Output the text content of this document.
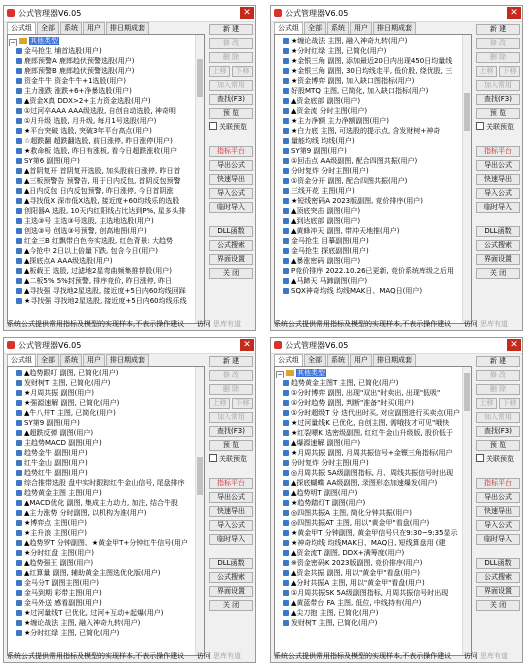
公式管理器V6.05	✕
公式组 全部 系统 用户 排日期成套
− 其他类型
金马抢生 埔首选股(用户)
鹿郎预警A 鹿郎趋伏预警选股(用户)
鹿郎预警B 鹿郎趋伏预警选股(用户)
资金牛牛 资金牛牛+1选股(用户)
主力涨跌 涨跌+6+净暴选股(用户)
▲资金X真 DDX>2+主力资金选股(用户)
①过河卒AAA AAA级选股, 自创自动选股, 神奇明
①月升级 选股, 月升级, 每月1号选股(用户)
★平台突破 选股, 突破3年平台高点(用户)
☆超跌翻 超跌翻选股, 前日涨停, 昨日涨停(用户)
★救命板 选股, 昨日有涨板, 看今日超跌涨收(用户
SY第6 副图(用户)
▲首阴复开 首阴复开选股, 加头股前日涨停, 昨日首
▲三板预警告 预警告, 用于日内反包, 首阴反包预警
▲日内反包 日内反包预警, 昨日涨停, 今日首阴涨
▲寻找低X 深市低X选股, 接近度+60均线乐的选股
创阳器A 选股, 10天内红阳线占比达到P%, 星多头排
主选③号 主选③号选股, 主选地选股(用户)
创选③号 创选③号预警, 创高地图(用户)
红金三B 红飘带白色夯实选股, 红色背景: 大趋势
▲今抢中 2日以上倍量下跌, 包含今日(用户)
▲探底点A AAA级选股(用户)
▲板载王 选股, 过滤地2星弯曲频集推荐股(用户)
▲二板5% 5%封预警, 排序竞价, 昨日涨停, 昨日
▲寻找强 寻找地2星选股, 接近度+5日内60均线回踩
★寻找强 寻找地2星选股, 接近度+5日内60均线乐线
新 建
修 改
删 除
上移 下移
加入常用
查找(F3)
预 览
关联预览
指标平台
导出公式
快速导出
导入公式
临时导入
DLL函数
公式搜索
界面设置
关 闭
系统公式提供常用指标及模型的实现样本,不表示操作建议 访问 思库有道
公式管理器V6.05	✕
公式组 全部 系统 用户 排日期成套
★缠论战法 主图, 融入神奇九转(用户)
★分时红绿 主图, 已简化(用户)
★金银三角 副图, 添加最近20日内出现450日均量线
★金银三角 副图, 30日均线走平, 低价股, 绕优股, 三
★资金博弈 副图, 加入缺口图指标(用户)
好股MTQ 主图, 已简化, 加入缺口指标(用户)
▲资金底部 副图(用户)
▲资金流 分时主图(用户)
★主力净额 主力净额副图(用户)
★白力底 主图, 可选股的提示点, 含发财树+神奇
量能均线 均线(用户)
SY第9 副图(用户)
①回击点 AA级副图, 配合四图共振(用户)
分时复炸 分时主图(用户)
①资金分开 副图, 配合四图共振(用户)
三线开花 主图(用户)
★短线密码A 2023版副图, 竞价排序(用户)
▲顶底突击 副图(用户)
▲到达底部 副图(用户)
▲黄蜂冲天 副图, 带冲天地推(用户)
金马抢生 目摹副图(用户)
金马抢生 探底副图(用户)
▲暴涨密码 副图(用户)
P竞价排序 2022.10.26已更新, 竞价系统库级之后用
▲马蹄天 马蹄副图(用户)
SQX神奇均线 均线MAK日、MAQ日(用户)
新 建
修 改
删 除
上移 下移
加入常用
查找(F3)
预 览
关联预览
指标平台
导出公式
快速导出
导入公式
临时导入
DLL函数
公式搜索
界面设置
关 闭
系统公式提供常用指标及模型的实现样本,不表示操作建议 访问 思库有道
公式管理器V6.05	✕
公式组 全部 系统 用户 排日期成套
▲趋势跟叮 副图, 已简化(用户)
发财树T 主图, 已简化(用户)
★月周共振 副图(用户)
★强源速解 副图, 已简化(用户)
▲牛八井T 主图, 已简化(用户)
SY第9 副图(用户)
▲超跌反弹 副图(用户)
主趋势MACD 副图(用户)
趋势金牛 副图(用户)
红牛金山 副图(用户)
趋势红牛 副图(用户)
综合推带选股 盘中实时跟踪红牛金山信号, 尾盘排序
趋势黄金主图 主图(用户)
▲MACD优化 副图, 集成主力动力, 加注, 结合牛股
▲主力涨势 分时副图, 以机构为准(用户)
★博弈点 主图(用户)
★主升浪 主图(用户)
▲趋势罗T 分钟副图、★黄金甲T+分钟红牛信号(用户
★分时红盘 主图(用户)
▲趋势强王 副图(用户)
▲红算量 副图, 辅助黄金主图选优化版(用户)
金马分T 副图主图(用户)
金马到期 彩带主图(用户)
金马外送 感看副图(用户)
★过河量线T 已优化, 过河+互动+起爆(用户)
★缠论战法 主图, 融入神奇九转(用户)
★分时红绿 主图, 已简化(用户)
新 建
修 改
删 除
上移 下移
加入常用
查找(F3)
预 览
关联预览
指标平台
导出公式
快速导出
导入公式
临时导入
DLL函数
公式搜索
界面设置
关 闭
系统公式提供常用指标及模型的实现样本,不表示操作建议 访问 思库有道
公式管理器V6.05	✕
公式组 全部 系统 用户 排日期成套
− 其他类型
趋势黄金主图T 主图, 已简化(用户)
①分时博弈 副图, 出现"双出"时卖出, 出现"低吸"
①分时趋势 副图, 判断"准备"时买(用户)
①分时超级T 分 迭代出时买, 对应副图进行买卖点(用户
★过河量线K 已优化, 自创主图, 需哦技才可见"哦快
★红裂嘌K 选密级副图, 红红牛金山升级版, 股价低于
▲爆源速解 副图(用户)
★月周共振 副图, 月周共振信号+金镖三角指标(用户
分时复炸 分时主图(用户)
◎月周共振 SA级副图指标, 月、周线共振信号时出现
▲探底蝴蝶 AA级副图, 录图形态加速爆发(用户)
▲趋势明T 副图(用户)
★趋势踏灯T 副图(用户)
◎四图共振A 主图, 简化分钟共振(用户)
◎四图共振AT 主图, 用以"黄金甲"看盘(用户)
★黄金甲T 分钟副图, 黄金甲信号只在9:30~9:35显示
★神奇均线 均线MAK日、MAQ日, 短线算盘用 (建
▲资金流T 副图, DDX+满筹度(用户)
※资金密码K 2023版副图, 竞价排序(用户)
▲资金共振 副图, 用以"黄金甲"看盘(用户)
▲分时共振A 主图, 用以"黄金甲"看盘(用户)
①月周共振SK 5A级副图指标, 月周共振信号时出现
▲黄蓝带台 FA 主图, 低位, 中线持有(用户)
▲尖刀抱 主图, 已简化(用户)
发财树T 主图, 已简化(用户)
新 建
修 改
删 除
上移 下移
加入常用
查找(F3)
预 览
关联预览
指标平台
导出公式
快速导出
导入公式
临时导入
DLL函数
公式搜索
界面设置
关 闭
系统公式提供常用指标及模型的实现样本,不表示操作建议 访问 思库有道
